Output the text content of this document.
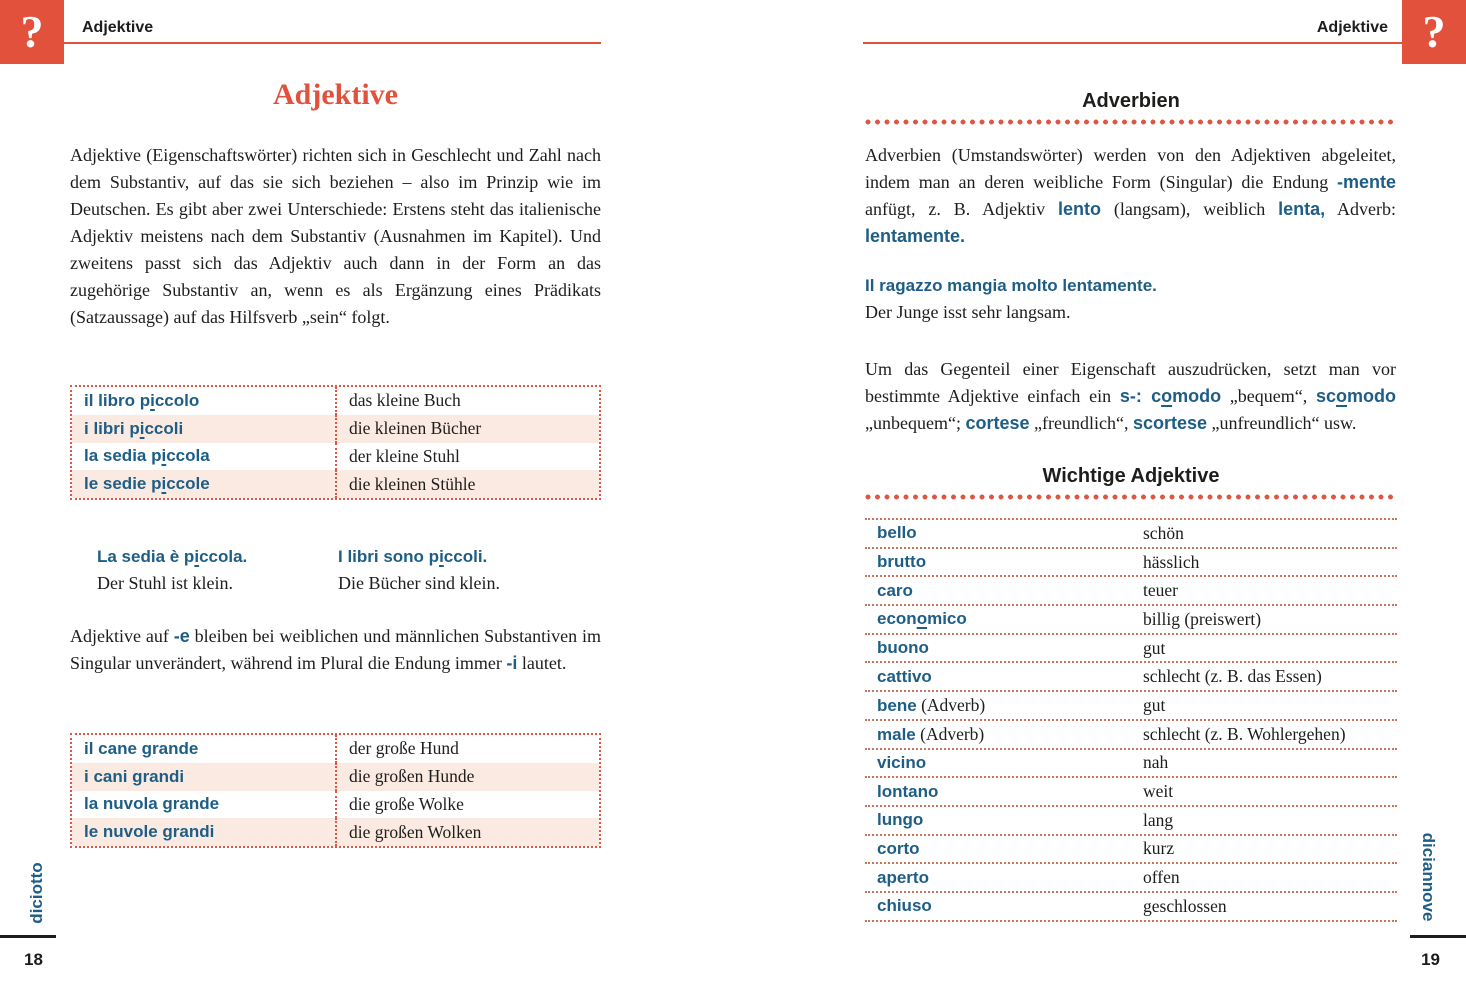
? Adjektive
Adjektive

Adjektive (Eigenschaftswörter) richten sich in Geschlecht und Zahl nach dem Substantiv, auf das sie sich beziehen – also im Prinzip wie im Deutschen. Es gibt aber zwei Unterschiede: Erstens steht das italienische Adjektiv meistens nach dem Substantiv (Ausnahmen im Kapitel). Und zweitens passt sich das Adjektiv auch dann in der Form an das zugehörige Substantiv an, wenn es als Ergänzung eines Prädikats (Satzaussage) auf das Hilfsverb „sein“ folgt.

il libro piccolo	das kleine Buch
i libri piccoli	die kleinen Bücher
la sedia piccola	der kleine Stuhl
le sedie piccole	die kleinen Stühle
La sedia è piccola.
Der Stuhl ist klein.
I libri sono piccoli.
Die Bücher sind klein.

Adjektive auf -e bleiben bei weiblichen und männlichen Substantiven im Singular unverändert, während im Plural die Endung immer -i lautet.

il cane grande	der große Hund
i cani grandi	die großen Hunde
la nuvola grande	die große Wolke
le nuvole grandi	die großen Wolken
diciotto
18
?
Adjektive
Adverbien

Adverbien (Umstandswörter) werden von den Adjektiven abgeleitet, indem man an deren weibliche Form (Singular) die Endung -mente anfügt, z. B. Adjektiv lento (langsam), weiblich lenta, Adverb: lentamente.

Il ragazzo mangia molto lentamente.
Der Junge isst sehr langsam.

Um das Gegenteil einer Eigenschaft auszudrücken, setzt man vor bestimmte Adjektive einfach ein s-: comodo „bequem“, scomodo „unbequem“; cortese „freundlich“, scortese „unfreundlich“ usw.

Wichtige Adjektive
bello	schön
brutto	hässlich
caro	teuer
economico	billig (preiswert)
buono	gut
cattivo	schlecht (z. B. das Essen)
bene (Adverb)	gut
male (Adverb)	schlecht (z. B. Wohlergehen)
vicino	nah
lontano	weit
lungo	lang
corto	kurz
aperto	offen
chiuso	geschlossen	diciannove
19
